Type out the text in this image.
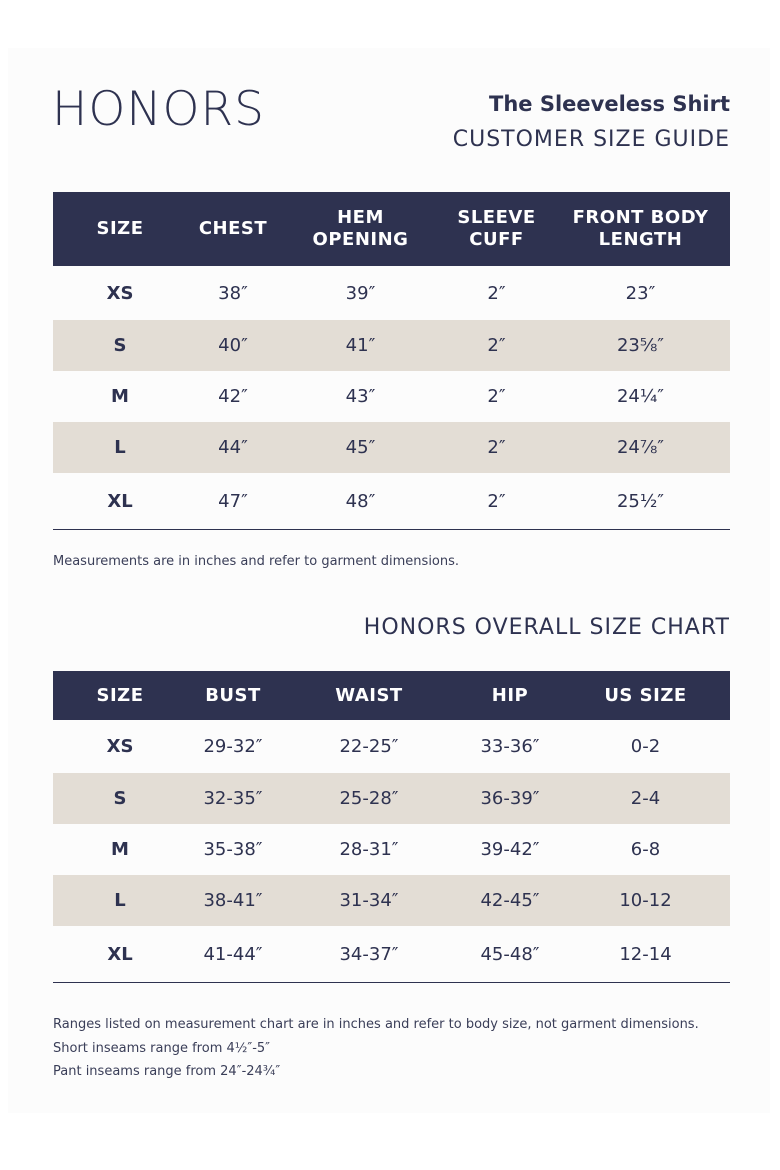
HONORS	The Sleeveless Shirt
CUSTOMER SIZE GUIDE
SIZE	CHEST	HEM OPENING	SLEEVE CUFF	FRONT BODY LENGTH
XS	38″	39″	2″	23″
S	40″	41″	2″	23⅝″
M	42″	43″	2″	24¼″
L	44″	45″	2″	24⅞″
XL	47″	48″	2″	25½″
Measurements are in inches and refer to garment dimensions.
HONORS OVERALL SIZE CHART
SIZE	BUST	WAIST	HIP	US SIZE
XS	29-32″	22-25″	33-36″	0-2
S	32-35″	25-28″	36-39″	2-4
M	35-38″	28-31″	39-42″	6-8
L	38-41″	31-34″	42-45″	10-12
XL	41-44″	34-37″	45-48″	12-14
Ranges listed on measurement chart are in inches and refer to body size, not garment dimensions.
Short inseams range from 4½″-5″
Pant inseams range from 24″-24¾″
